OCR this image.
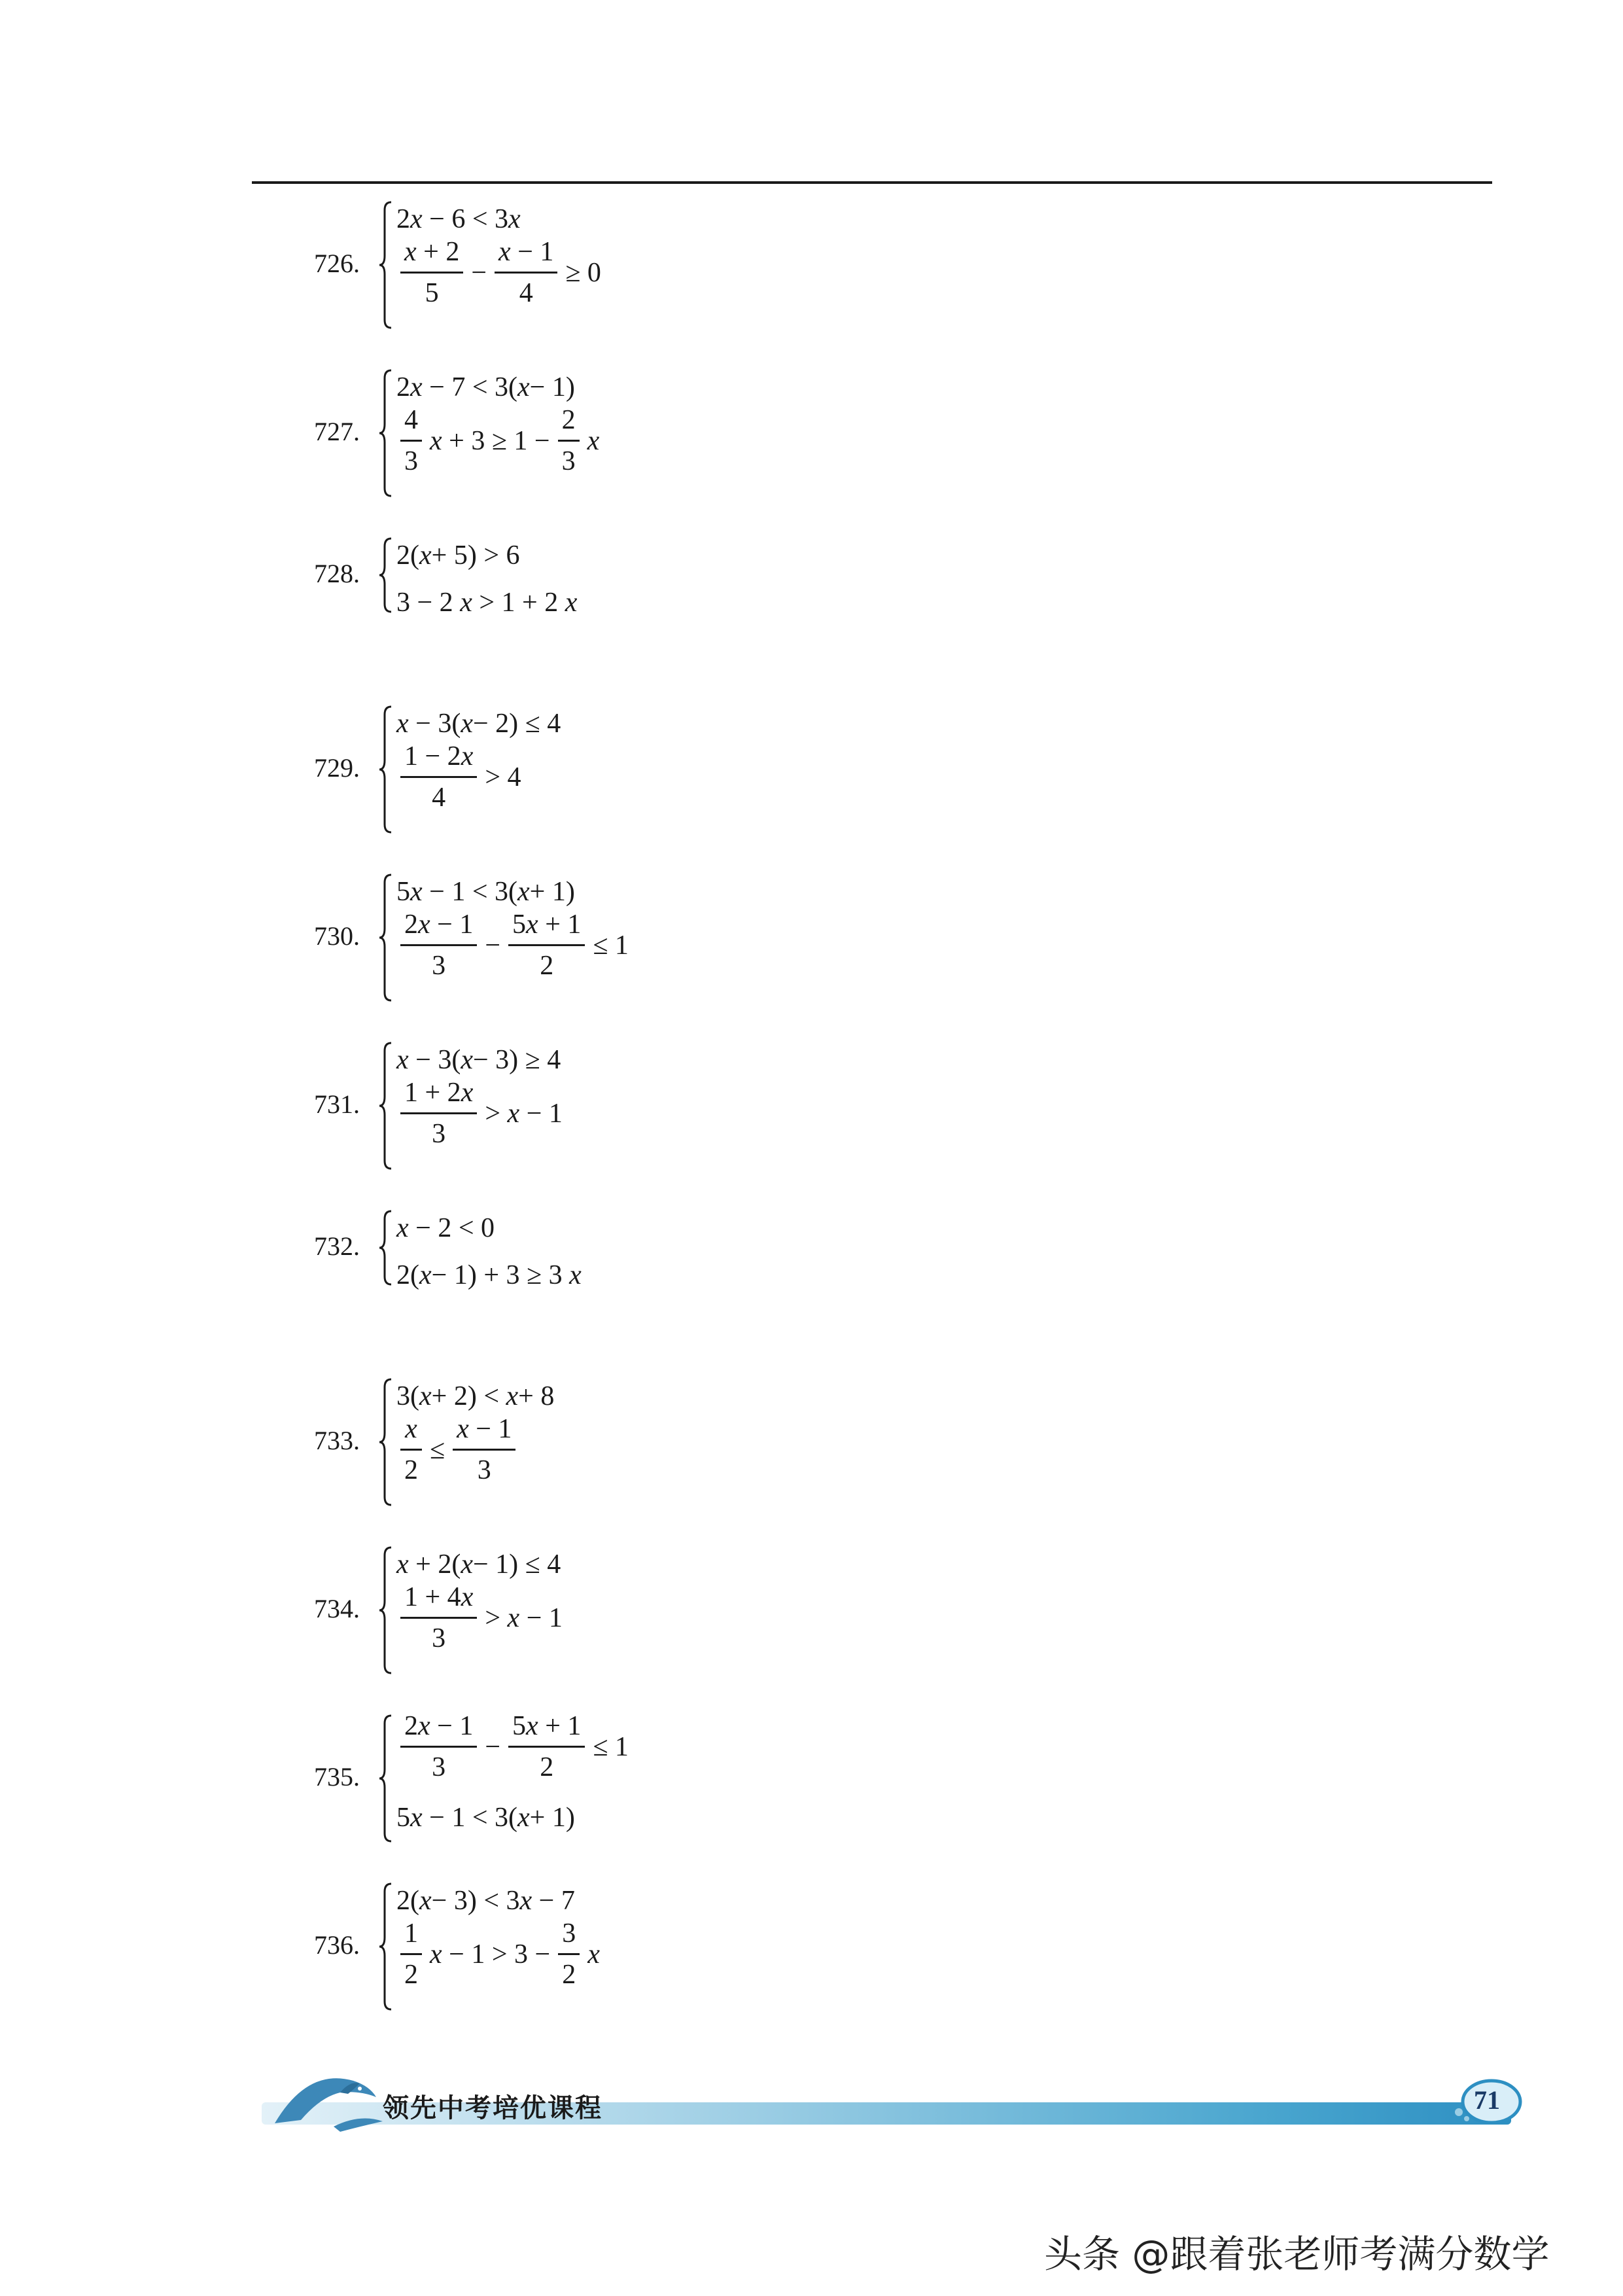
726.
2x − 6 < 3x
$\frac{x + 2}{5} - \frac{x - 1}{4} \ge 0$
727.
2x − 7 < 3(x− 1)
$\frac{4}{3}$ $x + 3 \ge 1 - \frac{2}{3}$ x
728.
2(x+ 5) > 6
3 − 2 x > 1 + 2 x
729.
x − 3(x− 2) ≤ 4
$\frac{1 - 2x}{4} > 4$
730.
5x − 1 < 3(x+ 1)
$\frac{2x - 1}{3} - \frac{5x + 1}{2} \le 1$
731.
x − 3(x− 3) ≥ 4
$\frac{1 + 2x}{3} > x - 1$
732.
x − 2 < 0
2(x− 1) + 3 ≥ 3 x
733.
3(x+ 2) < x+ 8
$\frac{x}{2} \le \frac{x - 1}{3}$
734.
x + 2(x− 1) ≤ 4
$\frac{1 + 4x}{3} > x - 1$
735. $\frac{2x - 1}{3} - \frac{5x + 1}{2} \le 1$
5x − 1 < 3(x+ 1)
736.
2(x− 3) < 3x − 7
$\frac{1}{2}$ $x - 1 > 3 - \frac{3}{2}$ x
领先中考培优课程	71
头条 @跟着张老师考满分数学
